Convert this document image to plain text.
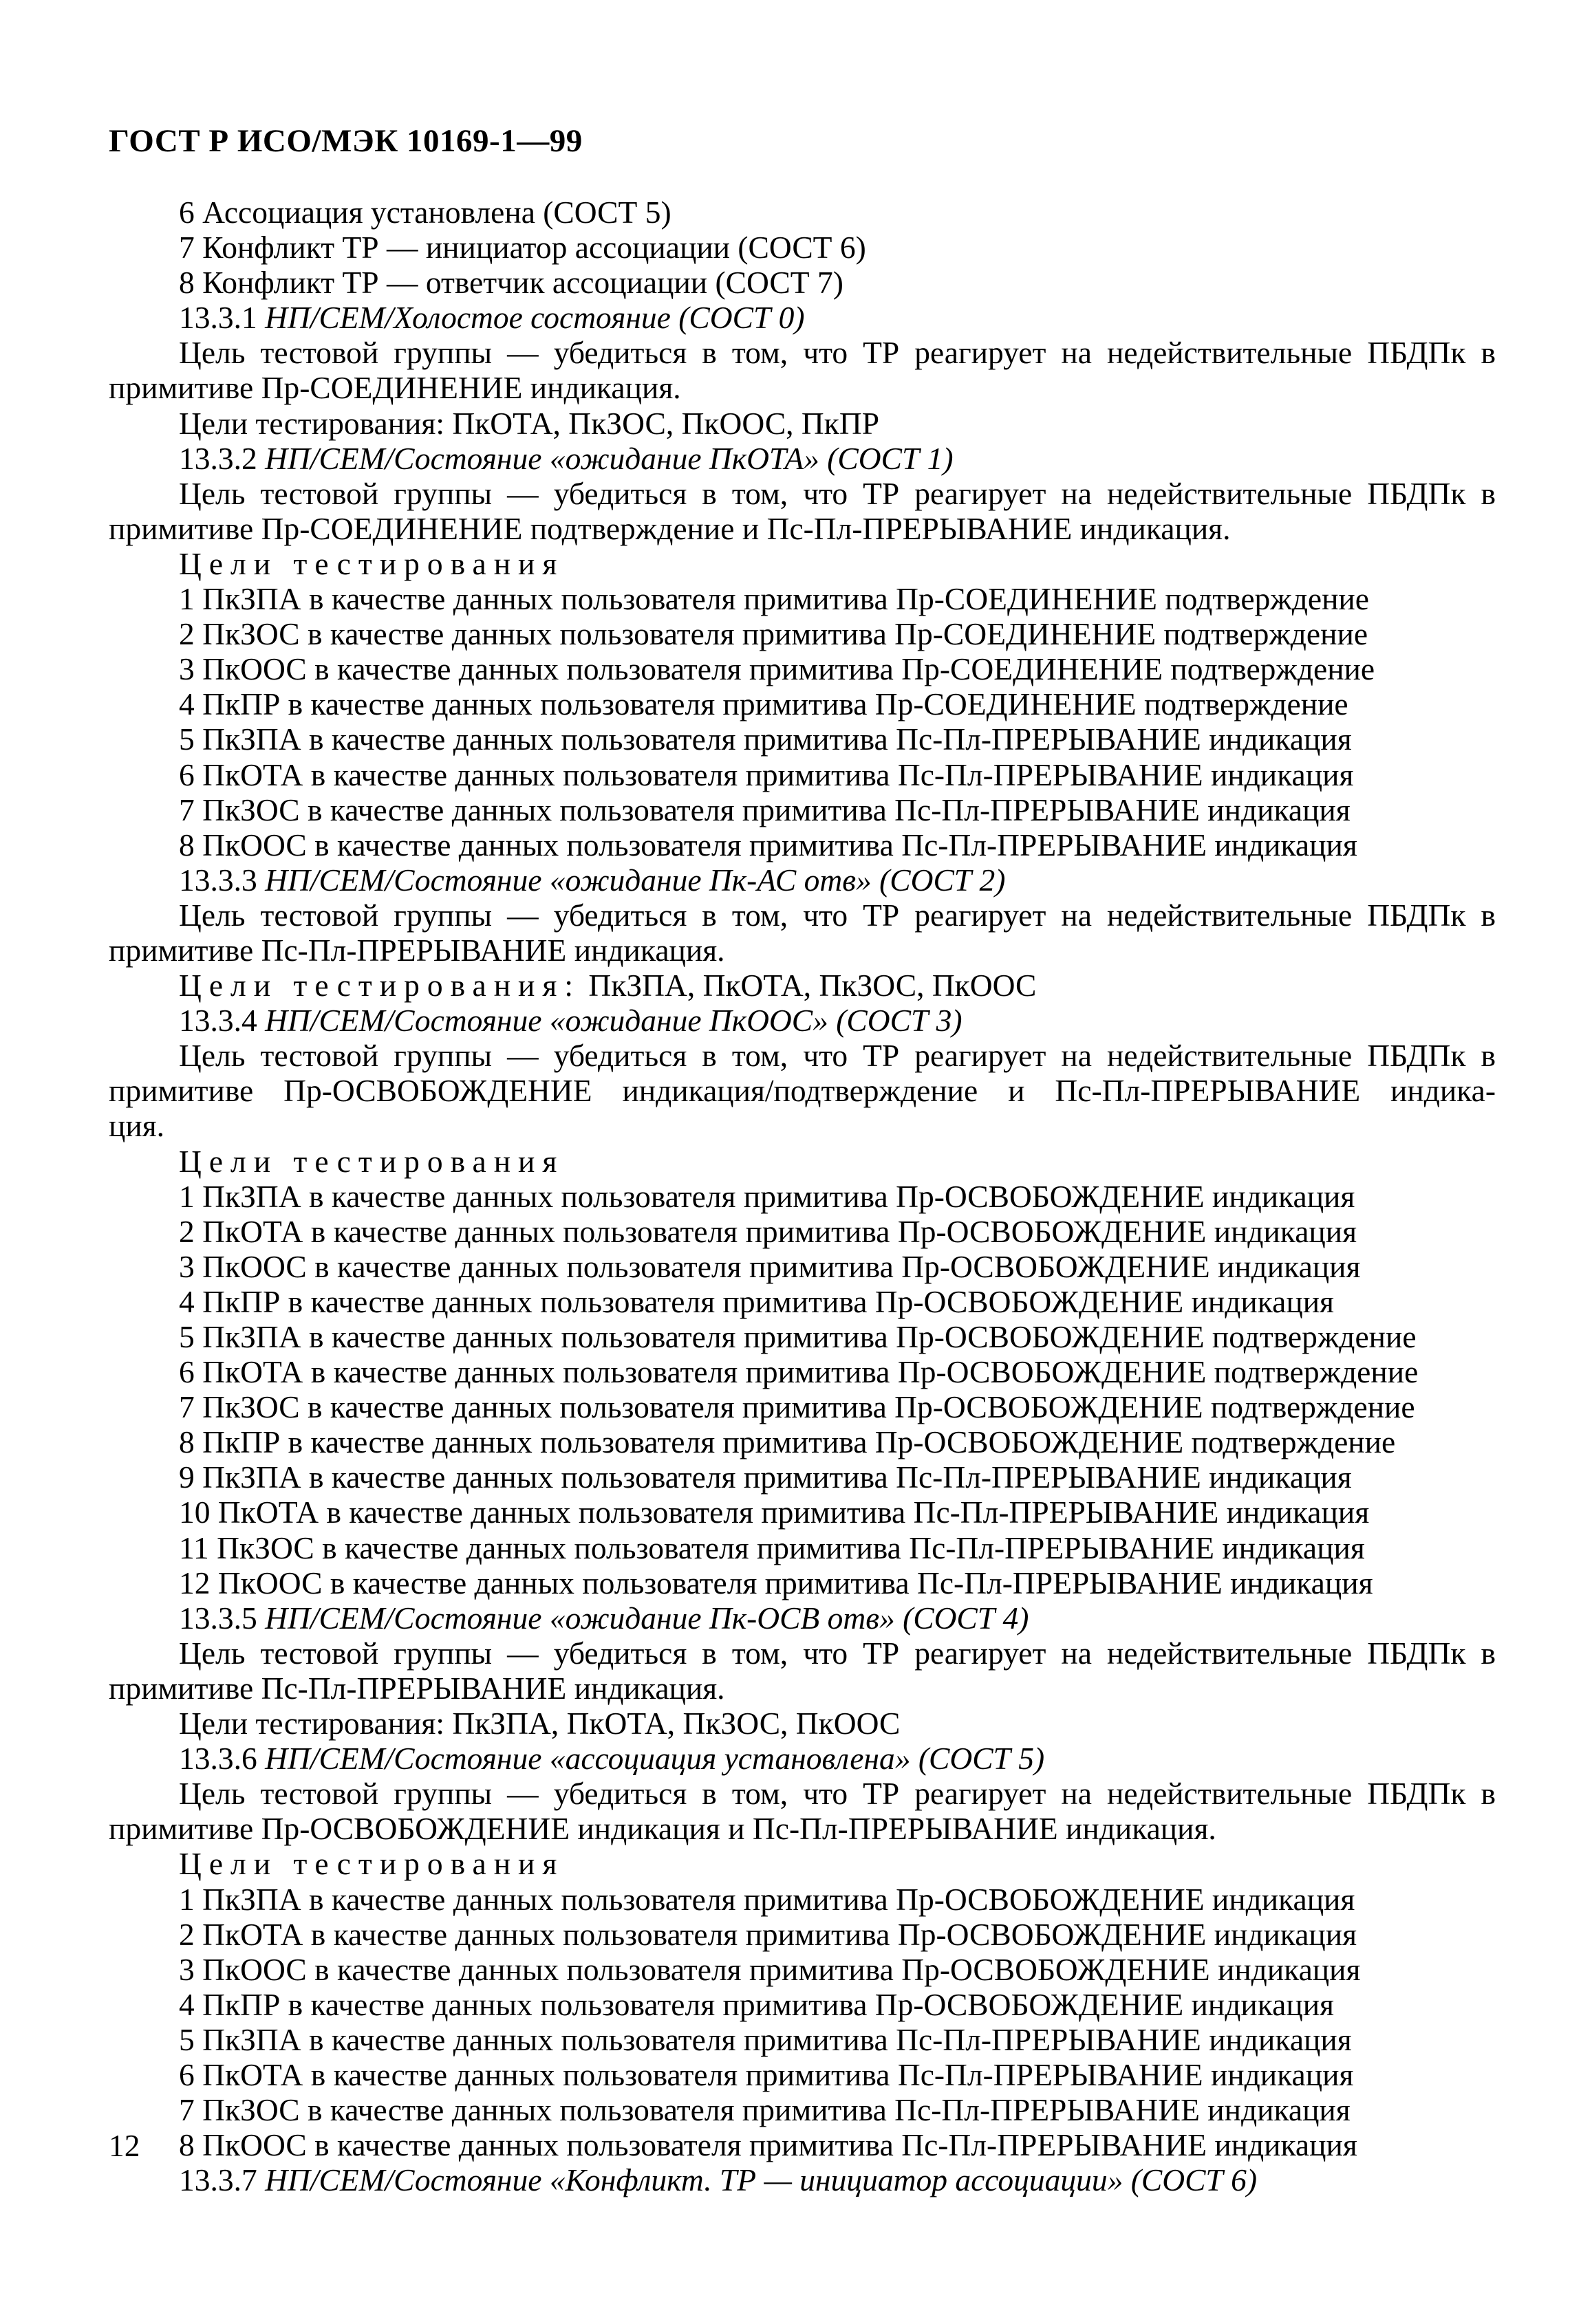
ГОСТ Р ИСО/МЭК 10169-1—99
6 Ассоциация установлена (СОСТ 5)
7 Конфликт ТР — инициатор ассоциации (СОСТ 6)
8 Конфликт ТР — ответчик ассоциации (СОСТ 7)
13.3.1 НП/СЕМ/Холостое состояние (СОСТ 0)
Цель тестовой группы — убедиться в том, что ТР реагирует на недействительные ПБДПк в
примитиве Пр-СОЕДИНЕНИЕ индикация.
Цели тестирования: ПкОТА, ПкЗОС, ПкООС, ПкПР
13.3.2 НП/СЕМ/Состояние «ожидание ПкОТА» (СОСТ 1)
Цель тестовой группы — убедиться в том, что ТР реагирует на недействительные ПБДПк в
примитиве Пр-СОЕДИНЕНИЕ подтверждение и Пс-Пл-ПРЕРЫВАНИЕ индикация.
Цели тестирования
1 ПкЗПА в качестве данных пользователя примитива Пр-СОЕДИНЕНИЕ подтверждение
2 ПкЗОС в качестве данных пользователя примитива Пр-СОЕДИНЕНИЕ подтверждение
3 ПкООС в качестве данных пользователя примитива Пр-СОЕДИНЕНИЕ подтверждение
4 ПкПР в качестве данных пользователя примитива Пр-СОЕДИНЕНИЕ подтверждение
5 ПкЗПА в качестве данных пользователя примитива Пс-Пл-ПРЕРЫВАНИЕ индикация
6 ПкОТА в качестве данных пользователя примитива Пс-Пл-ПРЕРЫВАНИЕ индикация
7 ПкЗОС в качестве данных пользователя примитива Пс-Пл-ПРЕРЫВАНИЕ индикация
8 ПкООС в качестве данных пользователя примитива Пс-Пл-ПРЕРЫВАНИЕ индикация
13.3.3 НП/СЕМ/Состояние «ожидание Пк-АС отв» (СОСТ 2)
Цель тестовой группы — убедиться в том, что ТР реагирует на недействительные ПБДПк в
примитиве Пс-Пл-ПРЕРЫВАНИЕ индикация.
Цели тестирования: ПкЗПА, ПкОТА, ПкЗОС, ПкООС
13.3.4 НП/СЕМ/Состояние «ожидание ПкООС» (СОСТ 3)
Цель тестовой группы — убедиться в том, что ТР реагирует на недействительные ПБДПк в
примитиве Пр-ОСВОБОЖДЕНИЕ индикация/подтверждение и Пс-Пл-ПРЕРЫВАНИЕ индика-
ция.
Цели тестирования
1 ПкЗПА в качестве данных пользователя примитива Пр-ОСВОБОЖДЕНИЕ индикация
2 ПкОТА в качестве данных пользователя примитива Пр-ОСВОБОЖДЕНИЕ индикация
3 ПкООС в качестве данных пользователя примитива Пр-ОСВОБОЖДЕНИЕ индикация
4 ПкПР в качестве данных пользователя примитива Пр-ОСВОБОЖДЕНИЕ индикация
5 ПкЗПА в качестве данных пользователя примитива Пр-ОСВОБОЖДЕНИЕ подтверждение
6 ПкОТА в качестве данных пользователя примитива Пр-ОСВОБОЖДЕНИЕ подтверждение
7 ПкЗОС в качестве данных пользователя примитива Пр-ОСВОБОЖДЕНИЕ подтверждение
8 ПкПР в качестве данных пользователя примитива Пр-ОСВОБОЖДЕНИЕ подтверждение
9 ПкЗПА в качестве данных пользователя примитива Пс-Пл-ПРЕРЫВАНИЕ индикация
10 ПкОТА в качестве данных пользователя примитива Пс-Пл-ПРЕРЫВАНИЕ индикация
11 ПкЗОС в качестве данных пользователя примитива Пс-Пл-ПРЕРЫВАНИЕ индикация
12 ПкООС в качестве данных пользователя примитива Пс-Пл-ПРЕРЫВАНИЕ индикация
13.3.5 НП/СЕМ/Состояние «ожидание Пк-ОСВ отв» (СОСТ 4)
Цель тестовой группы — убедиться в том, что ТР реагирует на недействительные ПБДПк в
примитиве Пс-Пл-ПРЕРЫВАНИЕ индикация.
Цели тестирования: ПкЗПА, ПкОТА, ПкЗОС, ПкООС
13.3.6 НП/СЕМ/Состояние «ассоциация установлена» (СОСТ 5)
Цель тестовой группы — убедиться в том, что ТР реагирует на недействительные ПБДПк в
примитиве Пр-ОСВОБОЖДЕНИЕ индикация и Пс-Пл-ПРЕРЫВАНИЕ индикация.
Цели тестирования
1 ПкЗПА в качестве данных пользователя примитива Пр-ОСВОБОЖДЕНИЕ индикация
2 ПкОТА в качестве данных пользователя примитива Пр-ОСВОБОЖДЕНИЕ индикация
3 ПкООС в качестве данных пользователя примитива Пр-ОСВОБОЖДЕНИЕ индикация
4 ПкПР в качестве данных пользователя примитива Пр-ОСВОБОЖДЕНИЕ индикация
5 ПкЗПА в качестве данных пользователя примитива Пс-Пл-ПРЕРЫВАНИЕ индикация
6 ПкОТА в качестве данных пользователя примитива Пс-Пл-ПРЕРЫВАНИЕ индикация
7 ПкЗОС в качестве данных пользователя примитива Пс-Пл-ПРЕРЫВАНИЕ индикация
8 ПкООС в качестве данных пользователя примитива Пс-Пл-ПРЕРЫВАНИЕ индикация
13.3.7 НП/СЕМ/Состояние «Конфликт. ТР — инициатор ассоциации» (СОСТ 6)
12
